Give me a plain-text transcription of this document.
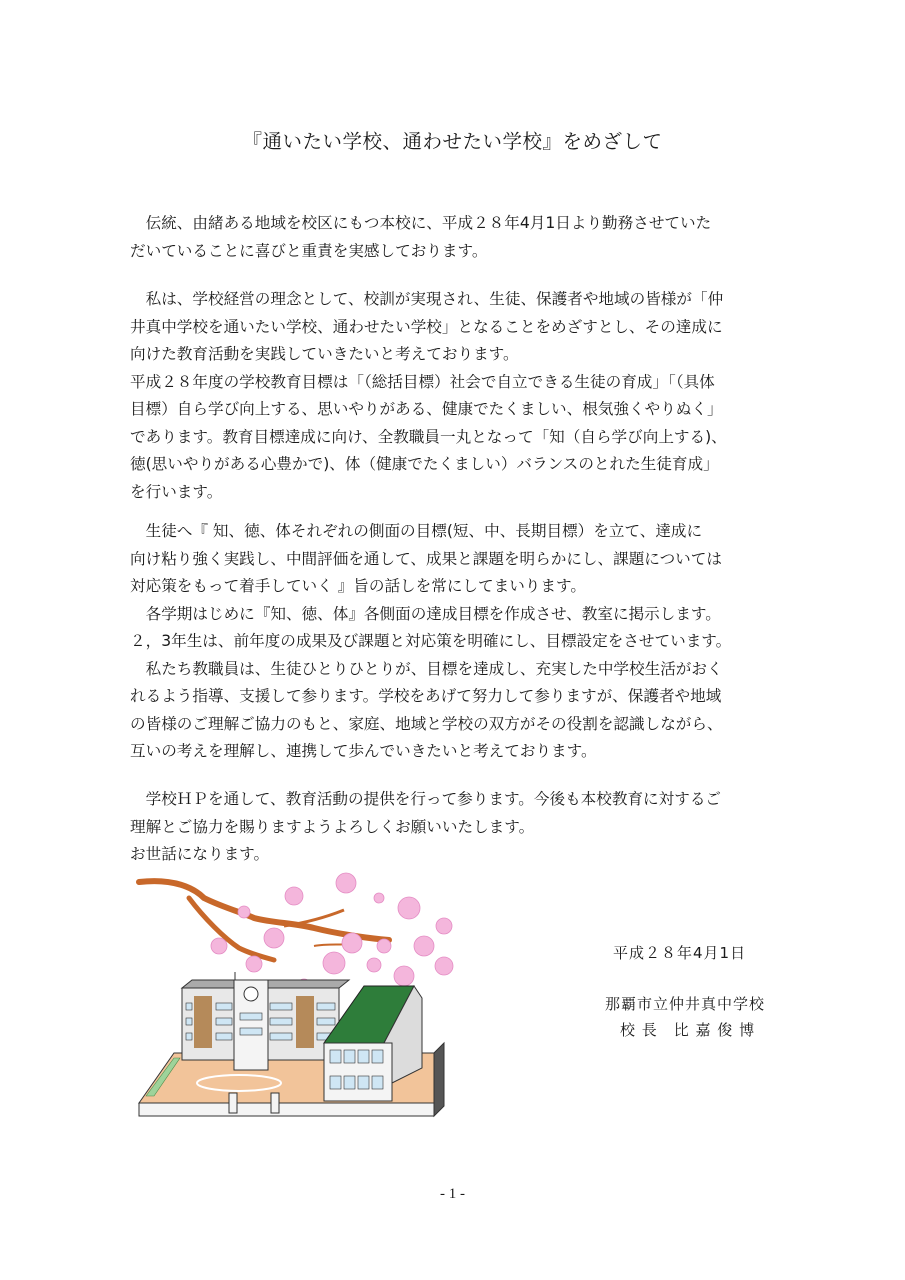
『通いたい学校、通わせたい学校』をめざして

　伝統、由緒ある地域を校区にもつ本校に、平成２８年4月1日より勤務させていた

だいていることに喜びと重責を実感しております。

　私は、学校経営の理念として、校訓が実現され、生徒、保護者や地域の皆様が「仲

井真中学校を通いたい学校、通わせたい学校」となることをめざすとし、その達成に

向けた教育活動を実践していきたいと考えております。

平成２８年度の学校教育目標は「（総括目標）社会で自立できる生徒の育成」「（具体

目標）自ら学び向上する、思いやりがある、健康でたくましい、根気強くやりぬく」

であります。教育目標達成に向け、全教職員一丸となって「知（自ら学び向上する)、

徳(思いやりがある心豊かで)、体（健康でたくましい）バランスのとれた生徒育成」

を行います。

　生徒へ『 知、徳、体それぞれの側面の目標(短、中、長期目標）を立て、達成に

向け粘り強く実践し、中間評価を通して、成果と課題を明らかにし、課題については

対応策をもって着手していく 』旨の話しを常にしてまいります。

　各学期はじめに『知、徳、体』各側面の達成目標を作成させ、教室に掲示します。

２，3年生は、前年度の成果及び課題と対応策を明確にし、目標設定をさせています。

　私たち教職員は、生徒ひとりひとりが、目標を達成し、充実した中学校生活がおく

れるよう指導、支援して参ります。学校をあげて努力して参りますが、保護者や地域

の皆様のご理解ご協力のもと、家庭、地域と学校の双方がその役割を認識しながら、

互いの考えを理解し、連携して歩んでいきたいと考えております。

　学校ＨＰを通して、教育活動の提供を行って参ります。今後も本校教育に対するご

理解とご協力を賜りますようよろしくお願いいたします。

お世話になります。

平成２８年4月1日
那覇市立仲井真中学校
校 長　比 嘉 俊 博
- 1 -
